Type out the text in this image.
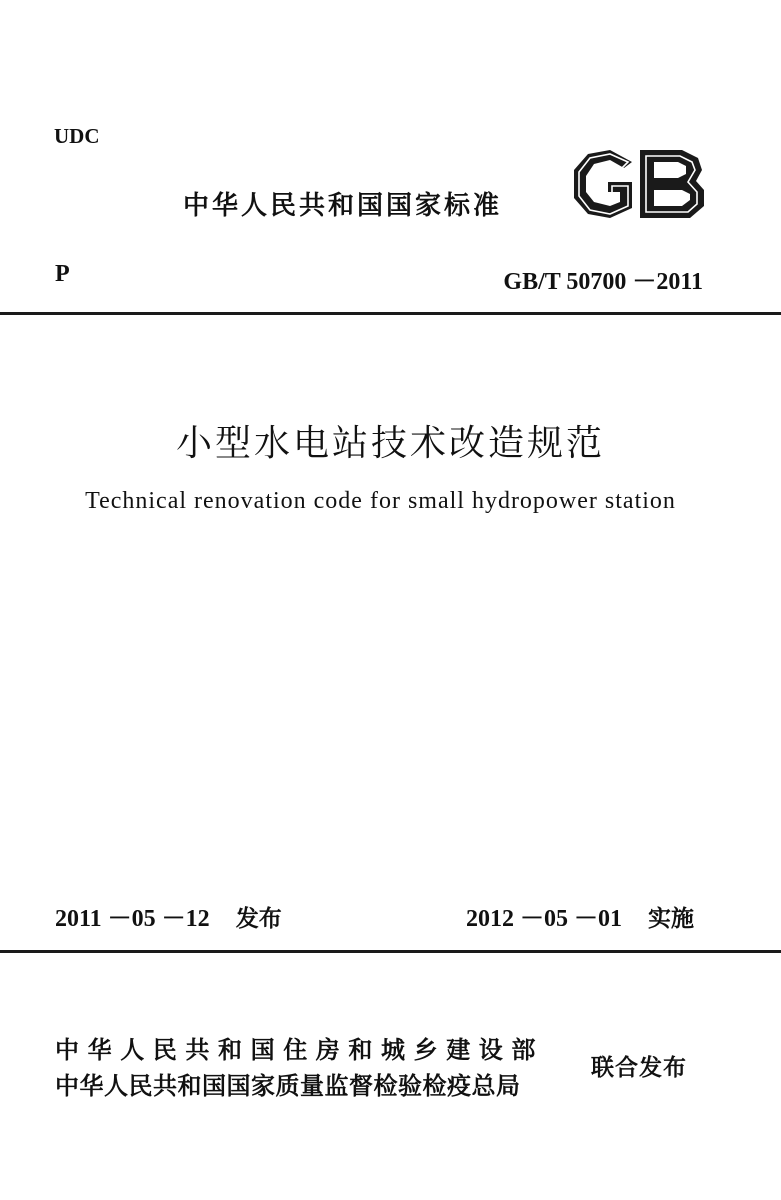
UDC
中华人民共和国国家标准
P	GB/T 50700 －2011
小型水电站技术改造规范
Technical renovation code for small hydropower station
2011 －05 －12 发布	2012 －05 －01 实施
中华人民共和国住房和城乡建设部
中华人民共和国国家质量监督检验检疫总局
联合发布
